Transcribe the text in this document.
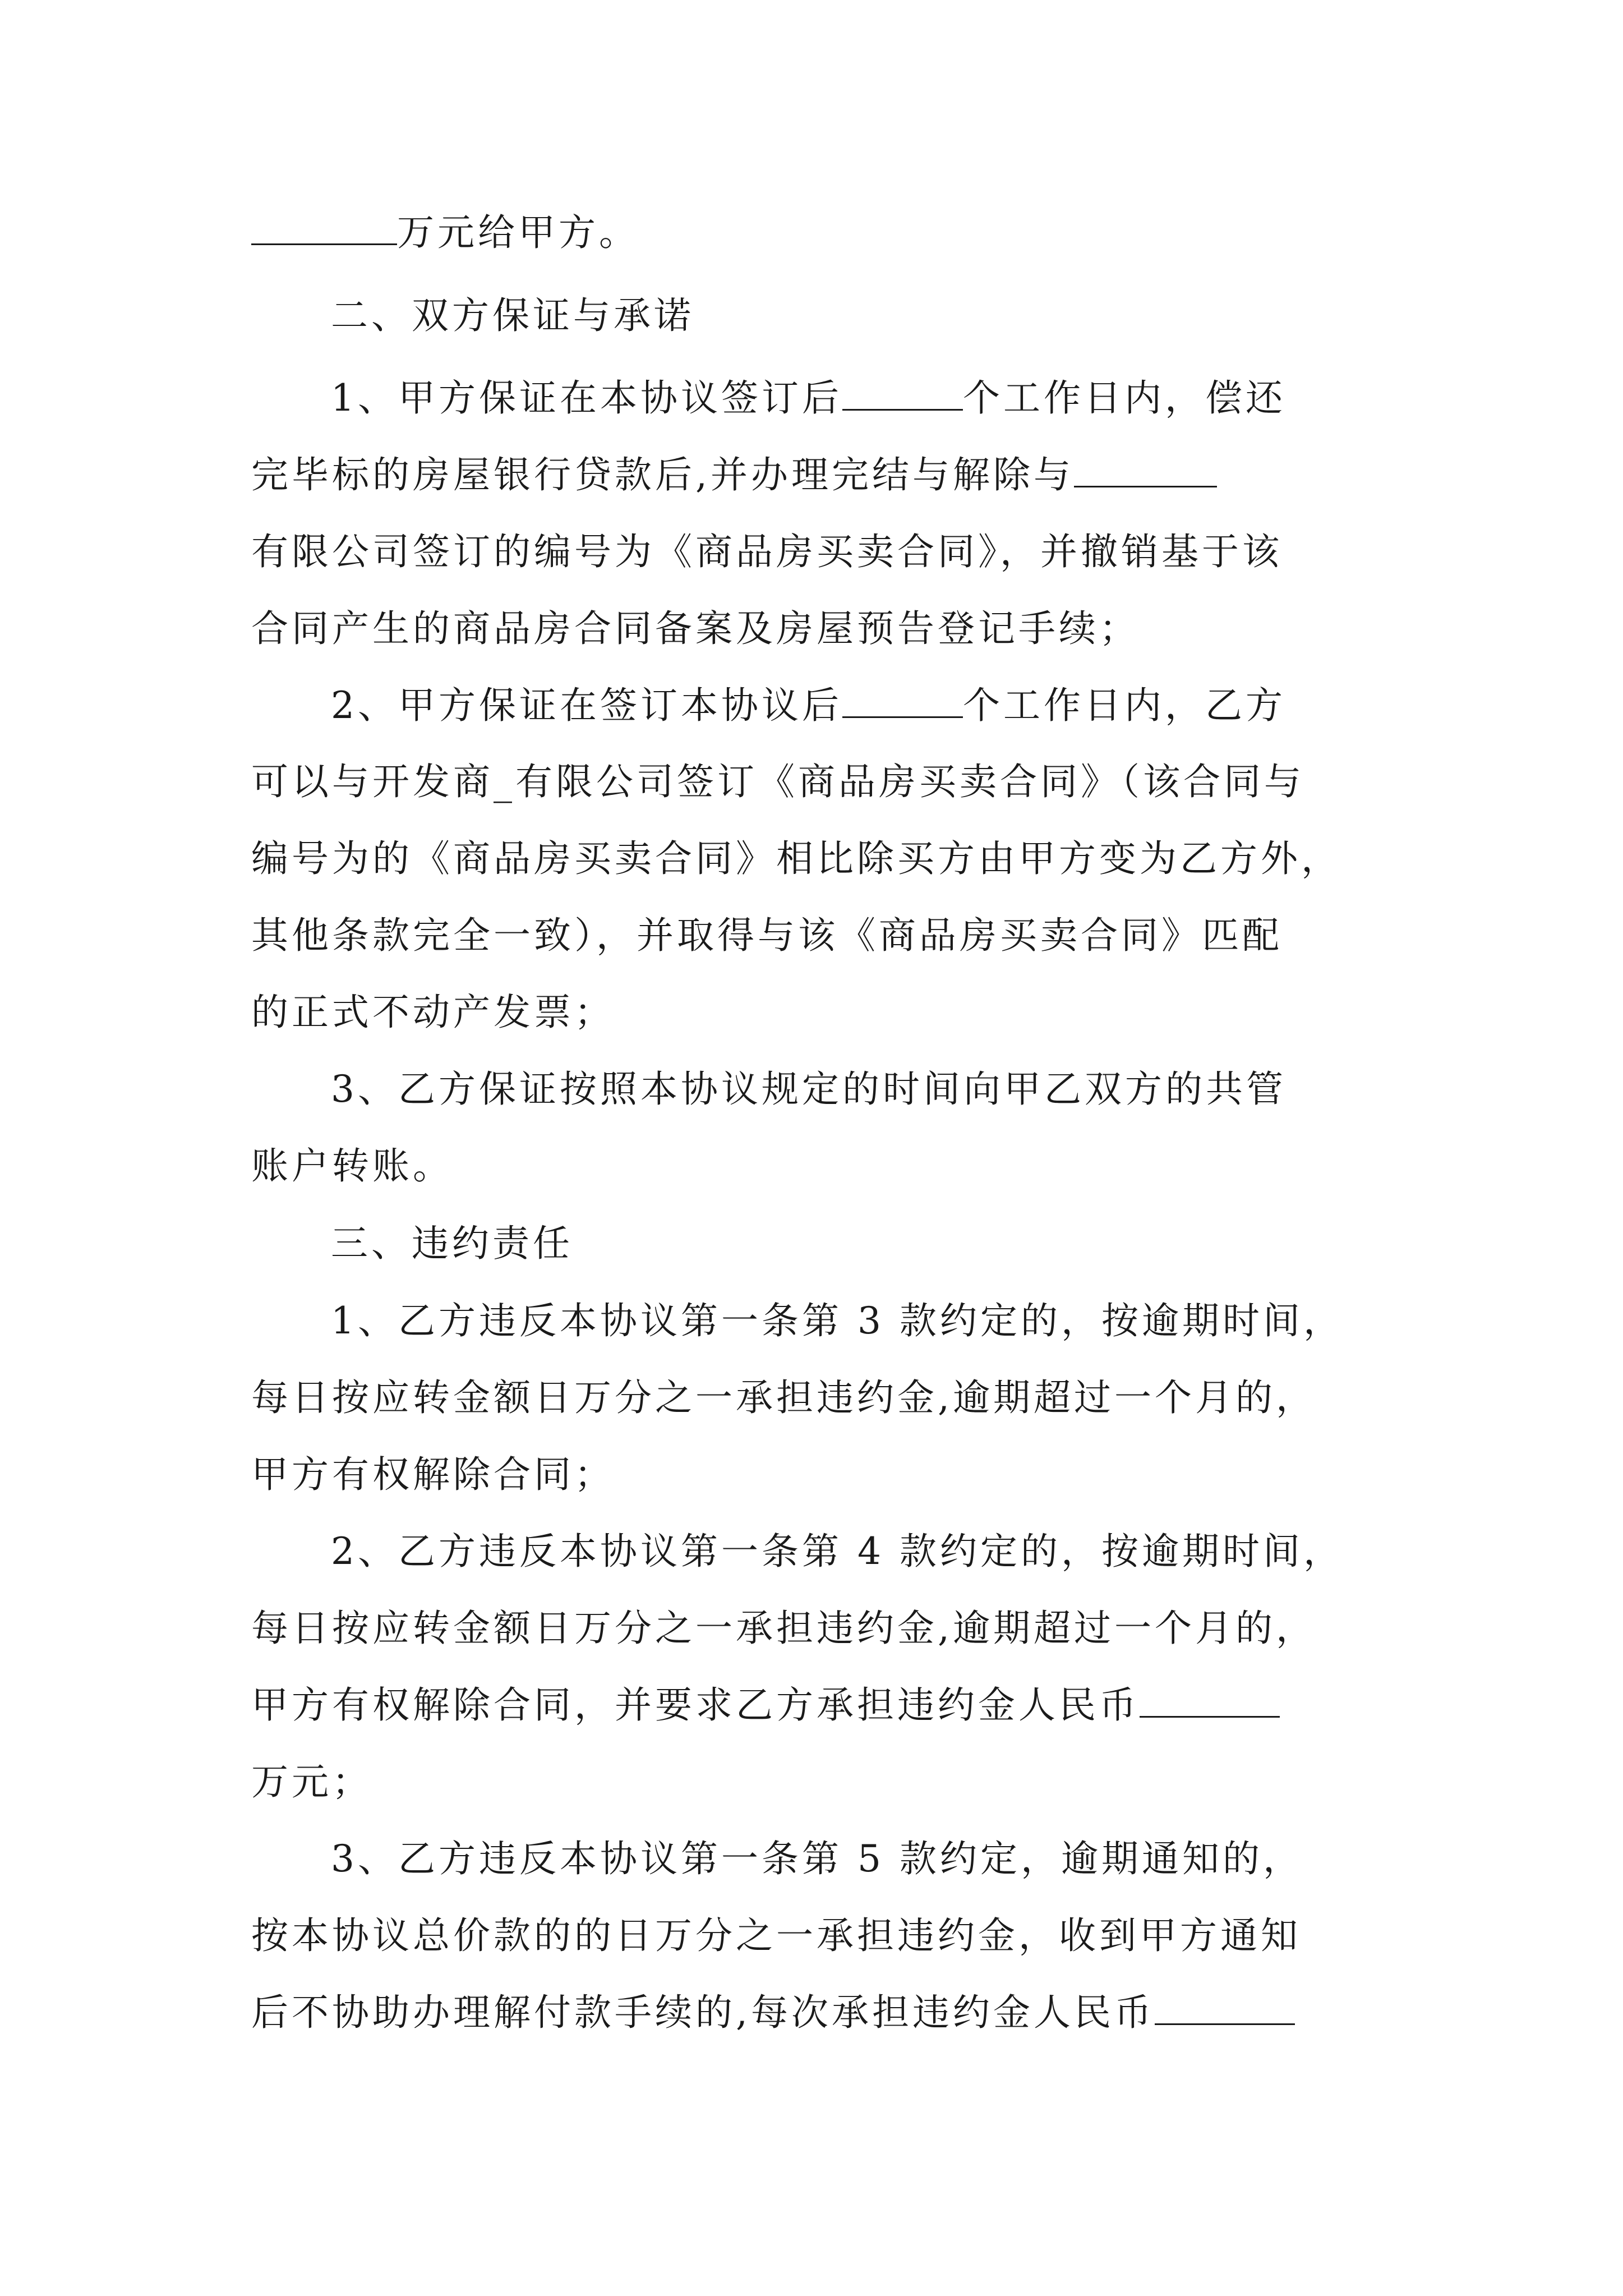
万元给甲方。
二、双方保证与承诺
1、甲方保证在本协议签订后	个工作日内，偿还
完毕标的房屋银行贷款后,并办理完结与解除与
有限公司签订的编号为《商品房买卖合同》，并撤销基于该
合同产生的商品房合同备案及房屋预告登记手续；
2、甲方保证在签订本协议后	个工作日内，乙方
可以与开发商_有限公司签订《商品房买卖合同》（该合同与
编号为的《商品房买卖合同》相比除买方由甲方变为乙方外，
其他条款完全一致），并取得与该《商品房买卖合同》匹配
的正式不动产发票；
3、乙方保证按照本协议规定的时间向甲乙双方的共管
账户转账。
三、违约责任
1、乙方违反本协议第一条第 3 款约定的，按逾期时间，
每日按应转金额日万分之一承担违约金,逾期超过一个月的，
甲方有权解除合同；
2、乙方违反本协议第一条第 4 款约定的，按逾期时间，
每日按应转金额日万分之一承担违约金,逾期超过一个月的，
甲方有权解除合同，并要求乙方承担违约金人民币
万元；
3、乙方违反本协议第一条第 5 款约定，逾期通知的，
按本协议总价款的的日万分之一承担违约金，收到甲方通知
后不协助办理解付款手续的,每次承担违约金人民币
